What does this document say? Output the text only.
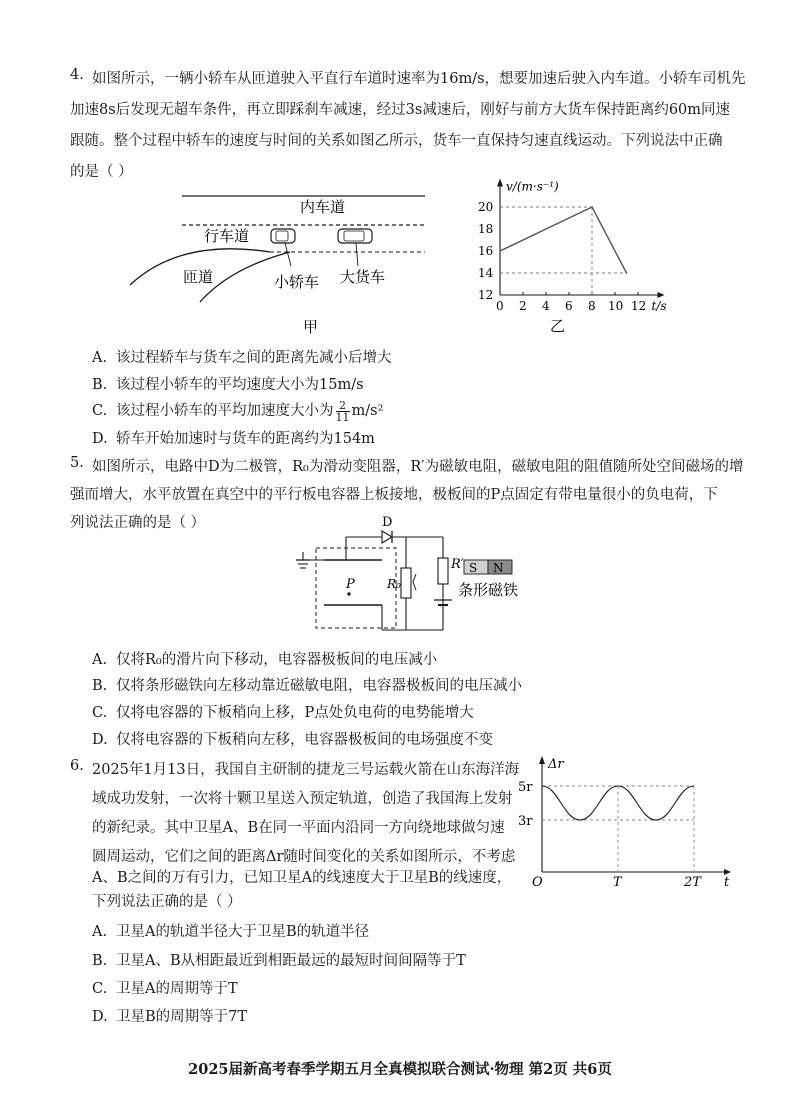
4. 如图所示，一辆小轿车从匝道驶入平直行车道时速率为16m/s，想要加速后驶入内车道。小轿车司机先
加速8s后发现无超车条件，再立即踩刹车减速，经过3s减速后，刚好与前方大货车保持距离约60m同速
跟随。整个过程中轿车的速度与时间的关系如图乙所示，货车一直保持匀速直线运动。下列说法中正确
的是（ ）
内车道
行车道
匝道	小轿车 大货车
甲
0 2 4 6 8 10 12
12
14
16
18
20
v/(m·s⁻¹)
t/s
乙
A. 该过程轿车与货车之间的距离先减小后增大
B. 该过程小轿车的平均速度大小为15m/s
C. 该过程小轿车的平均加速度大小为 $\frac{2}{11} m/s^2$
D. 轿车开始加速时与货车的距离约为154m
5. 如图所示，电路中D为二极管，R₀为滑动变阻器，R′为磁敏电阻，磁敏电阻的阻值随所处空间磁场的增
强而增大，水平放置在真空中的平行板电容器上板接地，极板间的P点固定有带电量很小的负电荷，下
列说法正确的是（ ）	D
P	R₀
R′ S N
条形磁铁
A. 仅将R₀的滑片向下移动，电容器极板间的电压减小
B. 仅将条形磁铁向左移动靠近磁敏电阻，电容器极板间的电压减小
C. 仅将电容器的下板稍向上移，P点处负电荷的电势能增大
D. 仅将电容器的下板稍向左移，电容器极板间的电场强度不变
6. 2025年1月13日，我国自主研制的捷龙三号运载火箭在山东海洋海
域成功发射，一次将十颗卫星送入预定轨道，创造了我国海上发射
的新纪录。其中卫星A、B在同一平面内沿同一方向绕地球做匀速
圆周运动，它们之间的距离Δr随时间变化的关系如图所示，不考虑
A、B之间的万有引力，已知卫星A的线速度大于卫星B的线速度，
下列说法正确的是（ ）
Δr
t
O
5r
3r
T	2T
A. 卫星A的轨道半径大于卫星B的轨道半径
B. 卫星A、B从相距最近到相距最远的最短时间间隔等于T
C. 卫星A的周期等于T
D. 卫星B的周期等于7T
2025届新高考春季学期五月全真模拟联合测试·物理 第2页 共6页
